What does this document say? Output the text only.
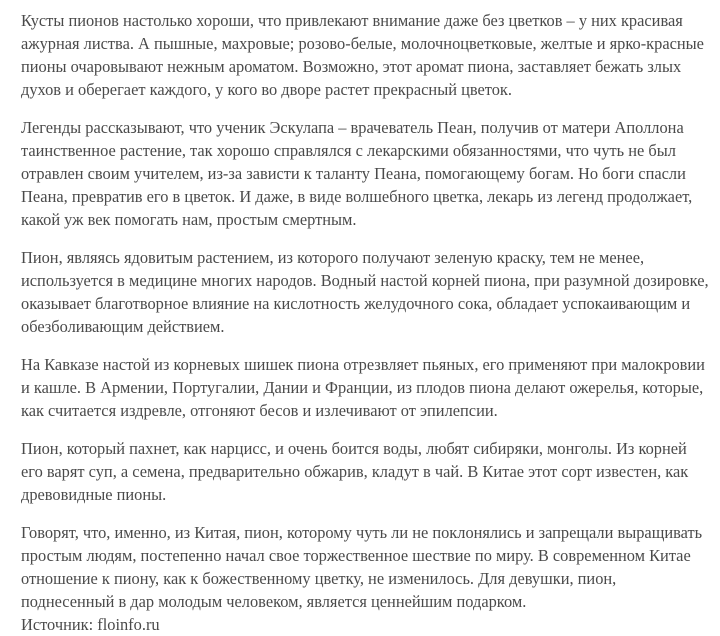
Кусты пионов настолько хороши, что привлекают внимание даже без цветков – у них красивая ажурная листва. А пышные, махровые; розово-белые, молочноцветковые, желтые и ярко-красные пионы очаровывают нежным ароматом. Возможно, этот аромат пиона, заставляет бежать злых духов и оберегает каждого, у кого во дворе растет прекрасный цветок.

Легенды рассказывают, что ученик Эскулапа – врачеватель Пеан, получив от матери Аполлона таинственное растение, так хорошо справлялся с лекарскими обязанностями, что чуть не был отравлен своим учителем, из-за зависти к таланту Пеана, помогающему богам. Но боги спасли Пеана, превратив его в цветок. И даже, в виде волшебного цветка, лекарь из легенд продолжает, какой уж век помогать нам, простым смертным.

Пион, являясь ядовитым растением, из которого получают зеленую краску, тем не менее, используется в медицине многих народов. Водный настой корней пиона, при разумной дозировке, оказывает благотворное влияние на кислотность желудочного сока, обладает успокаивающим и обезболивающим действием.

На Кавказе настой из корневых шишек пиона отрезвляет пьяных, его применяют при малокровии и кашле. В Армении, Португалии, Дании и Франции, из плодов пиона делают ожерелья, которые, как считается издревле, отгоняют бесов и излечивают от эпилепсии.

Пион, который пахнет, как нарцисс, и очень боится воды, любят сибиряки, монголы. Из корней его варят суп, а семена, предварительно обжарив, кладут в чай. В Китае этот сорт известен, как древовидные пионы.

Говорят, что, именно, из Китая, пион, которому чуть ли не поклонялись и запрещали выращивать простым людям, постепенно начал свое торжественное шествие по миру. В современном Китае отношение к пиону, как к божественному цветку, не изменилось. Для девушки, пион, поднесенный в дар молодым человеком, является ценнейшим подарком.
Источник: floinfo.ru
